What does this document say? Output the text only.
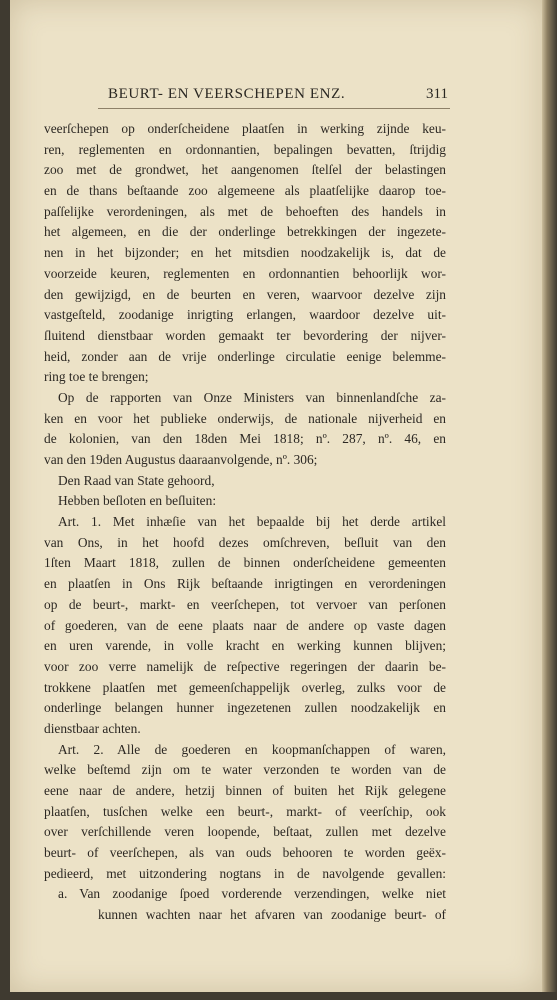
BEURT- EN VEERSCHEPEN ENZ.	311
veerſchepen op onderſcheidene plaatſen in werking zijnde keu-
ren, reglementen en ordonnantien, bepalingen bevatten, ſtrijdig
zoo met de grondwet, het aangenomen ſtelſel der belastingen
en de thans beſtaande zoo algemeene als plaatſelijke daarop toe-
paſſelijke verordeningen, als met de behoeften des handels in
het algemeen, en die der onderlinge betrekkingen der ingezete-
nen in het bijzonder; en het mitsdien noodzakelijk is, dat de
voorzeide keuren, reglementen en ordonnantien behoorlijk wor-
den gewijzigd, en de beurten en veren, waarvoor dezelve zijn
vastgeſteld, zoodanige inrigting erlangen, waardoor dezelve uit-
ſluitend dienstbaar worden gemaakt ter bevordering der nijver-
heid, zonder aan de vrije onderlinge circulatie eenige belemme-
ring toe te brengen;
Op de rapporten van Onze Ministers van binnenlandſche za-
ken en voor het publieke onderwijs, de nationale nijverheid en
de kolonien, van den 18den Mei 1818; nº. 287, nº. 46, en
van den 19den Augustus daaraanvolgende, nº. 306;
Den Raad van State gehoord,
Hebben beſloten en beſluiten:
Art. 1. Met inhæſie van het bepaalde bij het derde artikel
van Ons, in het hoofd dezes omſchreven, beſluit van den
1ſten Maart 1818, zullen de binnen onderſcheidene gemeenten
en plaatſen in Ons Rijk beſtaande inrigtingen en verordeningen
op de beurt-, markt- en veerſchepen, tot vervoer van perſonen
of goederen, van de eene plaats naar de andere op vaste dagen
en uren varende, in volle kracht en werking kunnen blijven;
voor zoo verre namelijk de reſpective regeringen der daarin be-
trokkene plaatſen met gemeenſchappelijk overleg, zulks voor de
onderlinge belangen hunner ingezetenen zullen noodzakelijk en
dienstbaar achten.
Art. 2. Alle de goederen en koopmanſchappen of waren,
welke beſtemd zijn om te water verzonden te worden van de
eene naar de andere, hetzij binnen of buiten het Rijk gelegene
plaatſen, tusſchen welke een beurt-, markt- of veerſchip, ook
over verſchillende veren loopende, beſtaat, zullen met dezelve
beurt- of veerſchepen, als van ouds behooren te worden geëx-
pedieerd, met uitzondering nogtans in de navolgende gevallen:
a. Van zoodanige ſpoed vorderende verzendingen, welke niet
kunnen wachten naar het afvaren van zoodanige beurt- of
